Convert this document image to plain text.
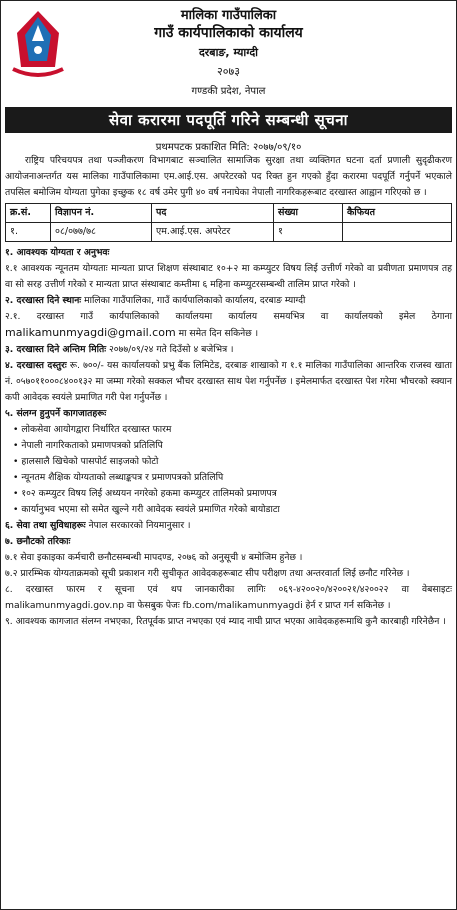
मालिका गाउँपालिका
गाउँ कार्यपालिकाको कार्यालय
दरबाङ, म्याग्दी
२०७३
गण्डकी प्रदेश, नेपाल
सेवा करारमा पदपूर्ति गरिने सम्बन्धी सूचना
प्रथमपटक प्रकाशित मिति: २०७७/०९/१०

राष्ट्रिय परिचयपत्र तथा पञ्जीकरण विभागबाट सञ्चालित सामाजिक सुरक्षा तथा व्यक्तिगत घटना दर्ता प्रणाली सुदृढीकरण आयोजनाअन्तर्गत यस मालिका गाउँपालिकामा एम.आई.एस. अपरेटरको पद रिक्त हुन गएको हुँदा करारमा पदपूर्ति गर्नुपर्ने भएकाले तपसिल बमोजिम योग्यता पुगेका इच्छुक १८ वर्ष उमेर पुगी ४० वर्ष ननाघेका नेपाली नागरिकहरूबाट दरखास्त आह्वान गरिएको छ ।

क्र.सं.	विज्ञापन नं.	पद	संख्या	कैफियत
१.	०८/०७७/७८	एम.आई.एस. अपरेटर	१	

१. आवश्यक योग्यता र अनुभवः
१.१ आवश्यक न्यूनतम योग्यताः मान्यता प्राप्त शिक्षण संस्थाबाट १०+२ मा कम्प्युटर विषय लिई उत्तीर्ण गरेको वा प्रवीणता प्रमाणपत्र तह वा सो सरह उत्तीर्ण गरेको र मान्यता प्राप्त संस्थाबाट कम्तीमा ६ महिना कम्प्युटरसम्बन्धी तालिम प्राप्त गरेको ।

२. दरखास्त दिने स्थानः मालिका गाउँपालिका, गाउँ कार्यपालिकाको कार्यालय, दरबाङ म्याग्दी
२.१. दरखास्त गाउँ कार्यपालिकाको कार्यालयमा कार्यालय समयभित्र वा कार्यालयको इमेल ठेगाना malikamunmyagdi@gmail.com मा समेत दिन सकिनेछ ।

३. दरखास्त दिने अन्तिम मितिः २०७७/०९/२४ गते दिउँसो ४ बजेभित्र ।

४. दरखास्त दस्तुरः रू. ७००/- यस कार्यालयको प्रभु बैंक लिमिटेड, दरबाङ शाखाको ग १.१ मालिका गाउँपालिका आन्तरिक राजस्व खाता नं. ०५७०११०००८४००१३२ मा जम्मा गरेको सक्कल भौचर दरखास्त साथ पेश गर्नुपर्नेछ । इमेलमार्फत दरखास्त पेश गरेमा भौचरको स्क्यान कपी आवेदक स्वयंले प्रमाणित गरी पेश गर्नुपर्नेछ ।

५. संलग्न हुनुपर्ने कागजातहरूः

• लोकसेवा आयोगद्वारा निर्धारित दरखास्त फारम
• नेपाली नागरिकताको प्रमाणपत्रको प्रतिलिपि
• हालसालै खिचेको पासपोर्ट साइजको फोटो
• न्यूनतम शैक्षिक योग्यताको लब्धाङ्कपत्र र प्रमाणपत्रको प्रतिलिपि
• १०२ कम्प्युटर विषय लिई अध्ययन नगरेको हकमा कम्प्युटर तालिमको प्रमाणपत्र
• कार्यानुभव भएमा सो समेत खुल्ने गरी आवेदक स्वयंले प्रमाणित गरेको बायोडाटा

६. सेवा तथा सुविधाहरूः नेपाल सरकारको नियमानुसार ।

७. छनौटको तरिकाः
७.१ सेवा इकाइका कर्मचारी छनौटसम्बन्धी मापदण्ड, २०७६ को अनुसूची ४ बमोजिम हुनेछ ।
७.२ प्रारम्भिक योग्यताक्रमको सूची प्रकाशन गरी सुचीकृत आवेदकहरूबाट सीप परीक्षण तथा अन्तरवार्ता लिई छनौट गरिनेछ ।

८. दरखास्त फारम र सूचना एवं थप जानकारीका लागिः ०६९-४२००२०/४२००२१/४२००२२ वा वेबसाइटः malikamunmyagdi.gov.np वा फेसबुक पेजः fb.com/malikamunmyagdi हेर्न र प्राप्त गर्न सकिनेछ ।

९. आवश्यक कागजात संलग्न नभएका, रितपूर्वक प्राप्त नभएका एवं म्याद नाघी प्राप्त भएका आवेदकहरूमाथि कुनै कारबाही गरिनेछैन ।
